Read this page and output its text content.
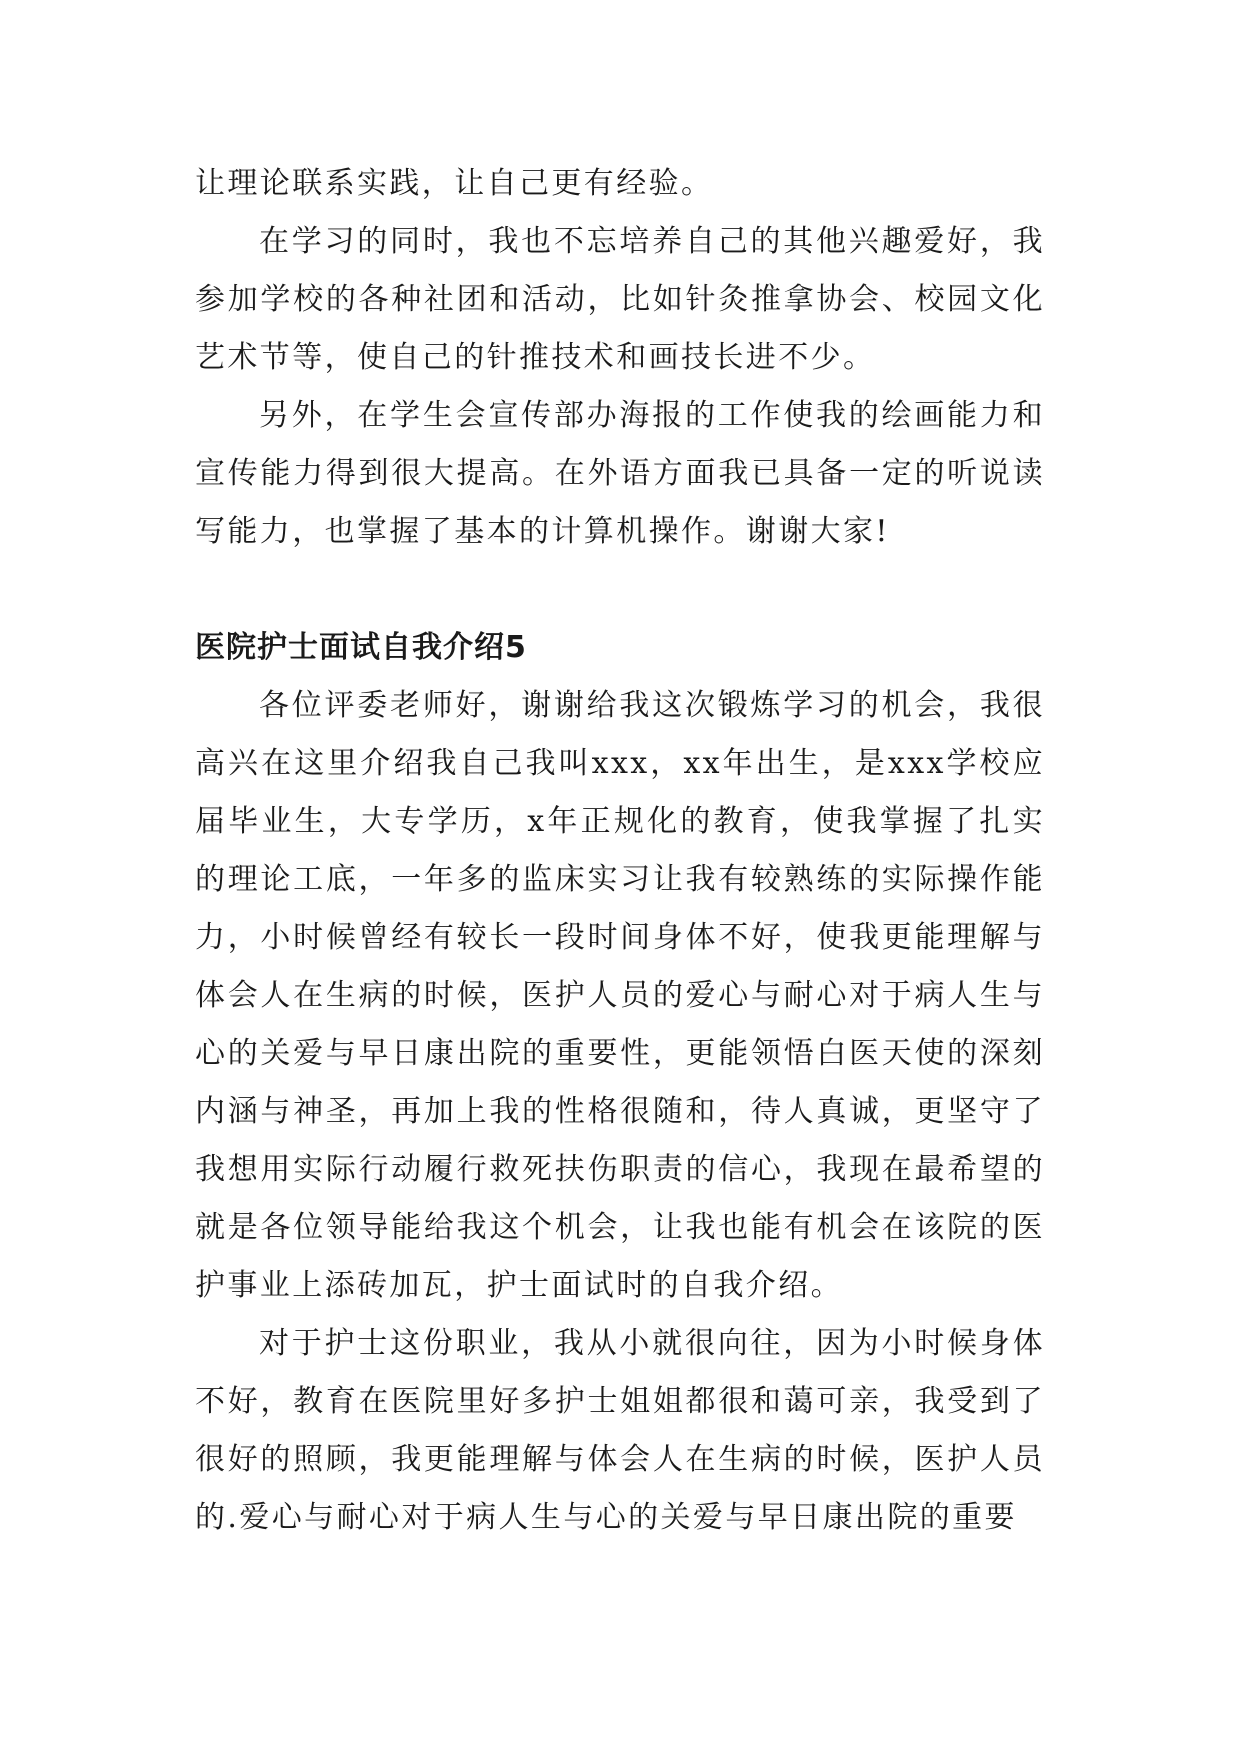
让理论联系实践，让自己更有经验。

在学习的同时，我也不忘培养自己的其他兴趣爱好，我参加学校的各种社团和活动，比如针灸推拿协会、校园文化艺术节等，使自己的针推技术和画技长进不少。

另外，在学生会宣传部办海报的工作使我的绘画能力和宣传能力得到很大提高。在外语方面我已具备一定的听说读写能力，也掌握了基本的计算机操作。谢谢大家!

医院护士面试自我介绍5

各位评委老师好，谢谢给我这次锻炼学习的机会，我很高兴在这里介绍我自己我叫xxx，xx年出生，是xxx学校应届毕业生，大专学历，x年正规化的教育，使我掌握了扎实的理论工底，一年多的监床实习让我有较熟练的实际操作能力，小时候曾经有较长一段时间身体不好，使我更能理解与体会人在生病的时候，医护人员的爱心与耐心对于病人生与心的关爱与早日康出院的重要性，更能领悟白医天使的深刻内涵与神圣，再加上我的性格很随和，待人真诚，更坚守了我想用实际行动履行救死扶伤职责的信心，我现在最希望的就是各位领导能给我这个机会，让我也能有机会在该院的医护事业上添砖加瓦，护士面试时的自我介绍。

对于护士这份职业，我从小就很向往，因为小时候身体不好，教育在医院里好多护士姐姐都很和蔼可亲，我受到了很好的照顾，我更能理解与体会人在生病的时候，医护人员的.爱心与耐心对于病人生与心的关爱与早日康出院的重要
